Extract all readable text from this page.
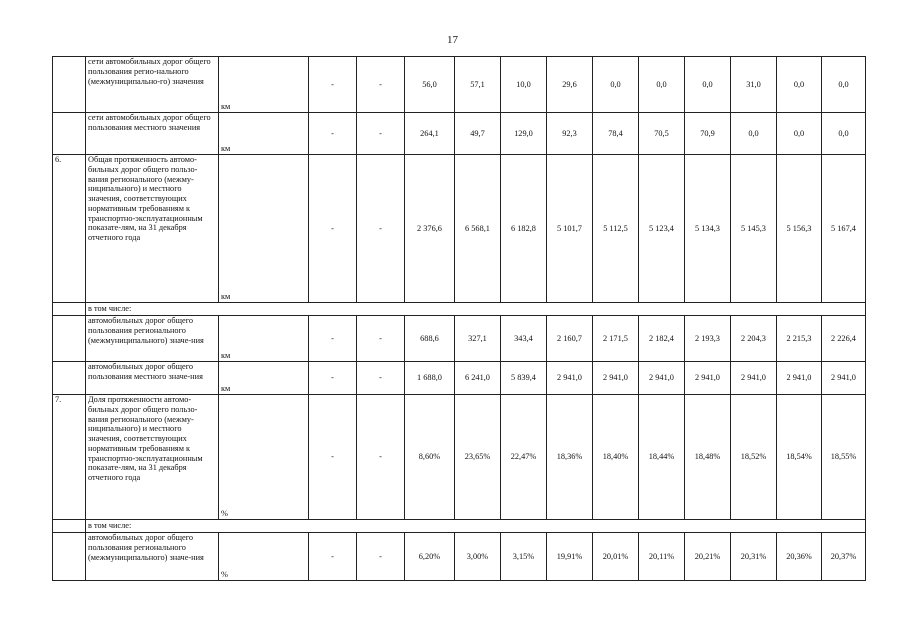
17
	сети автомобильных дорог общего пользования регио-нального (межмуниципально-го) значения	км	-	-	56,0	57,1	10,0	29,6	0,0	0,0	0,0	31,0	0,0	0,0
	сети автомобильных дорог общего пользования местного значения	км	-	-	264,1	49,7	129,0	92,3	78,4	70,5	70,9	0,0	0,0	0,0
6.	Общая протяженность автомо-бильных дорог общего пользо-вания регионального (межму-ниципального) и местного значения, соответствующих нормативным требованиям к транспортно-эксплуатационным показате-лям, на 31 декабря отчетного года	км	-	-	2 376,6	6 568,1	6 182,8	5 101,7	5 112,5	5 123,4	5 134,3	5 145,3	5 156,3	5 167,4
	в том числе:													
	автомобильных дорог общего пользования регионального (межмуниципального) значе-ния	км	-	-	688,6	327,1	343,4	2 160,7	2 171,5	2 182,4	2 193,3	2 204,3	2 215,3	2 226,4
	автомобильных дорог общего пользования местного значе-ния	км	-	-	1 688,0	6 241,0	5 839,4	2 941,0	2 941,0	2 941,0	2 941,0	2 941,0	2 941,0	2 941,0
7.	Доля протяженности автомо-бильных дорог общего пользо-вания регионального (межму-ниципального) и местного значения, соответствующих нормативным требованиям к транспортно-эксплуатационным показате-лям, на 31 декабря отчетного года	%	-	-	8,60%	23,65%	22,47%	18,36%	18,40%	18,44%	18,48%	18,52%	18,54%	18,55%
	в том числе:													
	автомобильных дорог общего пользования регионального (межмуниципального) значе-ния	%	-	-	6,20%	3,00%	3,15%	19,91%	20,01%	20,11%	20,21%	20,31%	20,36%	20,37%
